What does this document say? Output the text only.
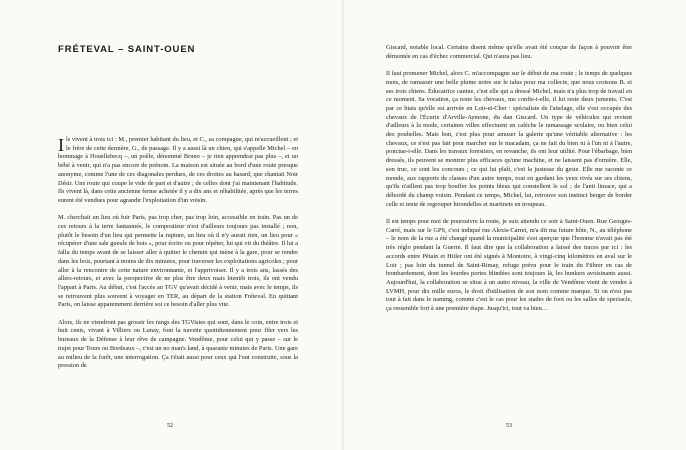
FRÉTEVAL – SAINT-OUEN

Ils vivent à trois ici : M., premier habitant du lieu, et C., sa compagne, qui m'accueillent ; et le frère de cette dernière, G., de passage. Il y a aussi là un chien, qui s'appelle Michel – en hommage à Houellebecq –, un poêle, dénommé Bruno – je rien apprendrai pas plus –, et un bébé à venir, qui n'a pas encore de prénom. La maison est située au bord d'une route presque anonyme, comme l'une de ces diagonales perdues, de ces droites au hasard, que chantait Noir Désir. Une route qui coupe le vide de part et d'autre ; de celles dont j'ai maintenant l'habitude. Ils vivent là, dans cette ancienne ferme achetée il y a dix ans et réhabilitée, après que les terres eurent été vendues pour agrandir l'exploitation d'un voisin.

M. cherchait un lieu où fuir Paris, pas trop cher, pas trop loin, accessible en train. Pas un de ces retours à la terre fantasmés, le compositeur n'est d'ailleurs toujours pas installé ; non, plutôt le besoin d'un lieu qui permette la rupture, un lieu où il n'y aurait rien, un lieu pour « récupérer d'une sale gueule de bois », pour écrire ou pour répéter, lui qui vit du théâtre. Il lui a fallu du temps avant de se laisser aller à quitter le chemin qui mène à la gare, pour se rendre dans les bois, pourtant à moins de dix minutes, pour traverser les exploitations agricoles ; pour aller à la rencontre de cette nature environnante, et l'apprivoiser. Il y a trois ans, lassés des allers-retours, et avec la perspective de ne plus être deux mais bientôt trois, ils ont vendu l'appart à Paris. Au début, c'est l'accès au TGV qu'avait décidé à venir, mais avec le temps, ils se retrouvent plus souvent à voyager en TER, au départ de la station Fréteval. En quittant Paris, on laisse apparemment derrière soi ce besoin d'aller plus vite.

Alors, ils ne viendront pas grossir les rangs des TGVistes qui sont, dans le coin, entre trois et huit cents, vivant à Villiers ou Lunay, font la navette quotidiennement pour filer vers les bureaux de la Défense à leur rêve de campagne. Vendôme, pour celui qui y passe – sur le trajet pour Tours ou Bordeaux –, c'est un no man's land, à quarante minutes de Paris. Une gare au milieu de la forêt, une interrogation. Ça t'était aussi pour ceux qui l'ont construite, sous la pression de

52

Giscard, notable local. Certains disent même qu'elle avait été conçue de façon à pouvoir être démontée en cas d'échec commercial. Qui n'aura pas lieu.

Il faut promener Michel, alors C. m'accompagne sur le début de ma route ; le temps de quelques mots, de ramasser une belle plume noire sur le talus pour ma collecte, que nous croisons B. et ses trois chiens. Éducatrice canine, c'est elle qui a dressé Michel, mais n'a plus trop de travail en ce moment. Sa vocation, ça reste les chevaux, me confie-t-elle, il lui reste deux juments. C'est par ce biais qu'elle est arrivée en Loir-et-Cher : spécialiste de l'attelage, elle s'est occupée des chevaux de l'Écurie d'Arville-Aymone, du dan Giscard. Un type de véhicules qui revient d'ailleurs à la mode, certaines villes effectuent en calèche le ramassage scolaire, ou bien celui des poubelles. Mais bon, c'est plus pour amuser la galerie qu'une véritable alternative : les chevaux, ce n'est pas fait pour marcher sur le macadam, ça ne fait du bien ni à l'un ni à l'autre, ponctue-t-elle. Dans les travaux forestiers, en revanche, ils ont leur utilité. Pour l'ébarbage, bien dressés, ils peuvent se montrer plus efficaces qu'une machine, et ne laissent pas d'ornière. Elle, son truc, ce sont les concours ; ce qui lui plaît, c'est la justesse du geste. Elle me raconte ce monde, aux rapports de classes d'un autre temps, tout en gardant les yeux rivés sur ses chiens, qu'ils n'aillent pas trop bouffer les points bleus qui constellent le sol ; de l'anti limace, qui a débordé du champ voisin. Pendant ce temps, Michel, lui, retrouve son instinct berger de border celle et tente de regrouper hirondelles et martinets en troupeau.

Il est temps pour moi de poursuivre la route, je suis attendu ce soir à Saint-Ouen. Rue Georges-Carré, mais sur le GPS, c'est indiqué rue Alexis-Carret, m'a dit ma future hôte, N., au téléphone – le nom de la rue a été changé quand la municipalité s'est aperçue que l'homme n'avait pas été très réglo pendant la Guerre. Il faut dire que la collaboration a laissé des traces par ici : les accords entre Pétain et Hitler ont été signés à Montoire, à vingt-cinq kilomètres en aval sur le Loir ; pas loin du tunnel de Saint-Rimay, refuge prévu pour le train du Führer en cas de bombardement, dont les lourdes portes blindées sont toujours là, les bunkers avoisinants aussi. Aujourd'hui, la collaboration se situe à un autre niveau, la ville de Vendôme vient de vendre à LVMH, pour dix mille euros, le droit d'utilisation de son nom comme marque. Si on n'est pas tout à fait dans le naming, comme c'est le cas pour les stades de foot ou les salles de spectacle, ça ressemble fort à une première étape. Jusqu'ici, tout va bien…

53
